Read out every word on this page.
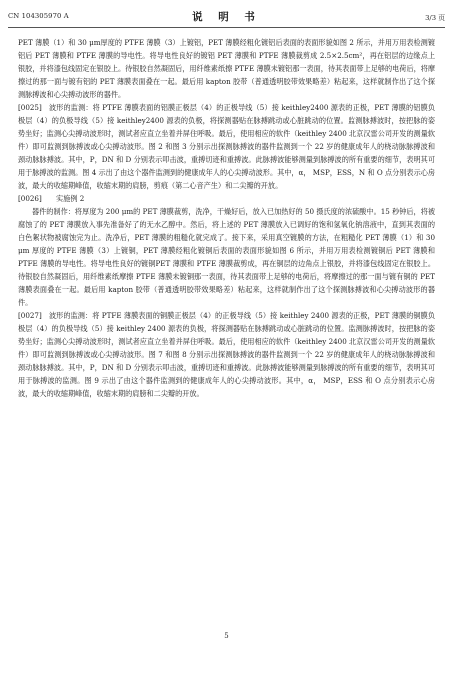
CN 104305970 A	说 明 书	3/3 页

PET 薄膜（1）和 30 μm厚度的 PTFE 薄膜（3）上镀铝，PET 薄膜经粗化镀铝后表面的表面形貌如图 2 所示，并用万用表检测镀铝后 PET 薄膜和 PTFE 薄膜的导电性。将导电性良好的镀铝 PET 薄膜和 PTFE 薄膜裁剪成 2.5×2.5cm²，再在铝层的边缘点上银胶，并将漆包线固定在银胶上。待银胶自然凝固后，用纤维素纸擦 PTFE 薄膜未镀铝那一表面，待其表面带上足够的电荷后，将摩擦过的那一面与镀有铝的 PET 薄膜表面叠在一起。最后用 kapton 胶带（普通透明胶带效果略差）粘起来，这样就制作出了这个探测脉搏波和心尖搏动波形的器件。

[0025]  波形的监测：将 PTFE 薄膜表面的铝膜正极层（4）的正极导线（5）接 keithley2400 源表的正极，PET 薄膜的铝膜负极层（4）的负极导线（5）接 keithley2400 源表的负极，将探测器贴在脉搏跳动或心脏跳动的位置。监测脉搏波时，按把脉的姿势坐好；监测心尖搏动波形时，测试者应直立坐着并屏住呼吸。最后，使用相应的软件（keithley 2400 北京汉雷公司开发的测量软件）即可监测到脉搏波或心尖搏动波形。图 2 和图 3 分别示出探测脉搏波的器件监测到一个 22 岁的健康成年人的桡动脉脉搏波和颈动脉脉搏波。其中，P，DN 和 D 分别表示叩击波，重搏切迹和重搏波。此脉搏波能够测量到脉搏波的所有重要的细节，表明其可用于脉搏波的监测。图 4 示出了由这个器件监测到的健康成年人的心尖搏动波形。其中，α， MSP，ESS，N 和 O 点分别表示心房波，最大的收缩期峰值，收缩末期的肩膀，剪痕（第二心音产生）和二尖瓣的开放。

[0026]   实施例 2

器件的制作：将厚度为 200 μm的 PET 薄膜裁剪，洗净，干燥好后，放入已加热好的 50 摄氏度的浓硫酸中。15 秒钟后，将被腐蚀了的 PET 薄膜放入事先准备好了的无水乙醇中。然后，将上述的 PET 薄膜放入已调好的饱和氢氧化钠溶液中，直到其表面的白色絮状物被腐蚀完为止。洗净后，PET 薄膜的粗糙化就完成了。接下来，采用真空镀膜的方法，在粗糙化 PET 薄膜（1）和 30 μm 厚度的 PTFE 薄膜（3）上镀铜，PET 薄膜经粗化镀铜后表面的表面形貌如图 6 所示，并用万用表检测镀铜后 PET 薄膜和 PTFE 薄膜的导电性。将导电性良好的镀铜PET 薄膜和 PTFE 薄膜裁剪成，再在铜层的边角点上银胶，并将漆包线固定在银胶上。待银胶自然凝固后，用纤维素纸摩擦 PTFE 薄膜未镀铜那一表面，待其表面带上足够的电荷后，将摩擦过的那一面与镀有铜的 PET 薄膜表面叠在一起。最后用 kapton 胶带（普通透明胶带效果略差）粘起来，这样就制作出了这个探测脉搏波和心尖搏动波形的器件。

[0027]  波形的监测：将 PTFE 薄膜表面的铜膜正极层（4）的正极导线（5）接 keithley 2400 源表的正极，PET 薄膜的铜膜负极层（4）的负极导线（5）接 keithley 2400 源表的负极，将探测器贴在脉搏跳动或心脏跳动的位置。监测脉搏波时，按把脉的姿势坐好；监测心尖搏动波形时，测试者应直立坐着并屏住呼吸。最后，使用相应的软件（keithley 2400 北京汉雷公司开发的测量软件）即可监测到脉搏波或心尖搏动波形。图 7 和图 8 分别示出探测脉搏波的器件监测到一个 22 岁的健康成年人的桡动脉脉搏波和颈动脉脉搏波。其中，P，DN 和 D 分别表示叩击波，重搏切迹和重搏波。此脉搏波能够测量到脉搏波的所有重要的细节，表明其可用于脉搏波的监测。图 9 示出了由这个器件监测到的健康成年人的心尖搏动波形。其中，α， MSP，ESS 和 O 点分别表示心房波，最大的收缩期峰值，收缩末期的肩膀和二尖瓣的开放。

5
